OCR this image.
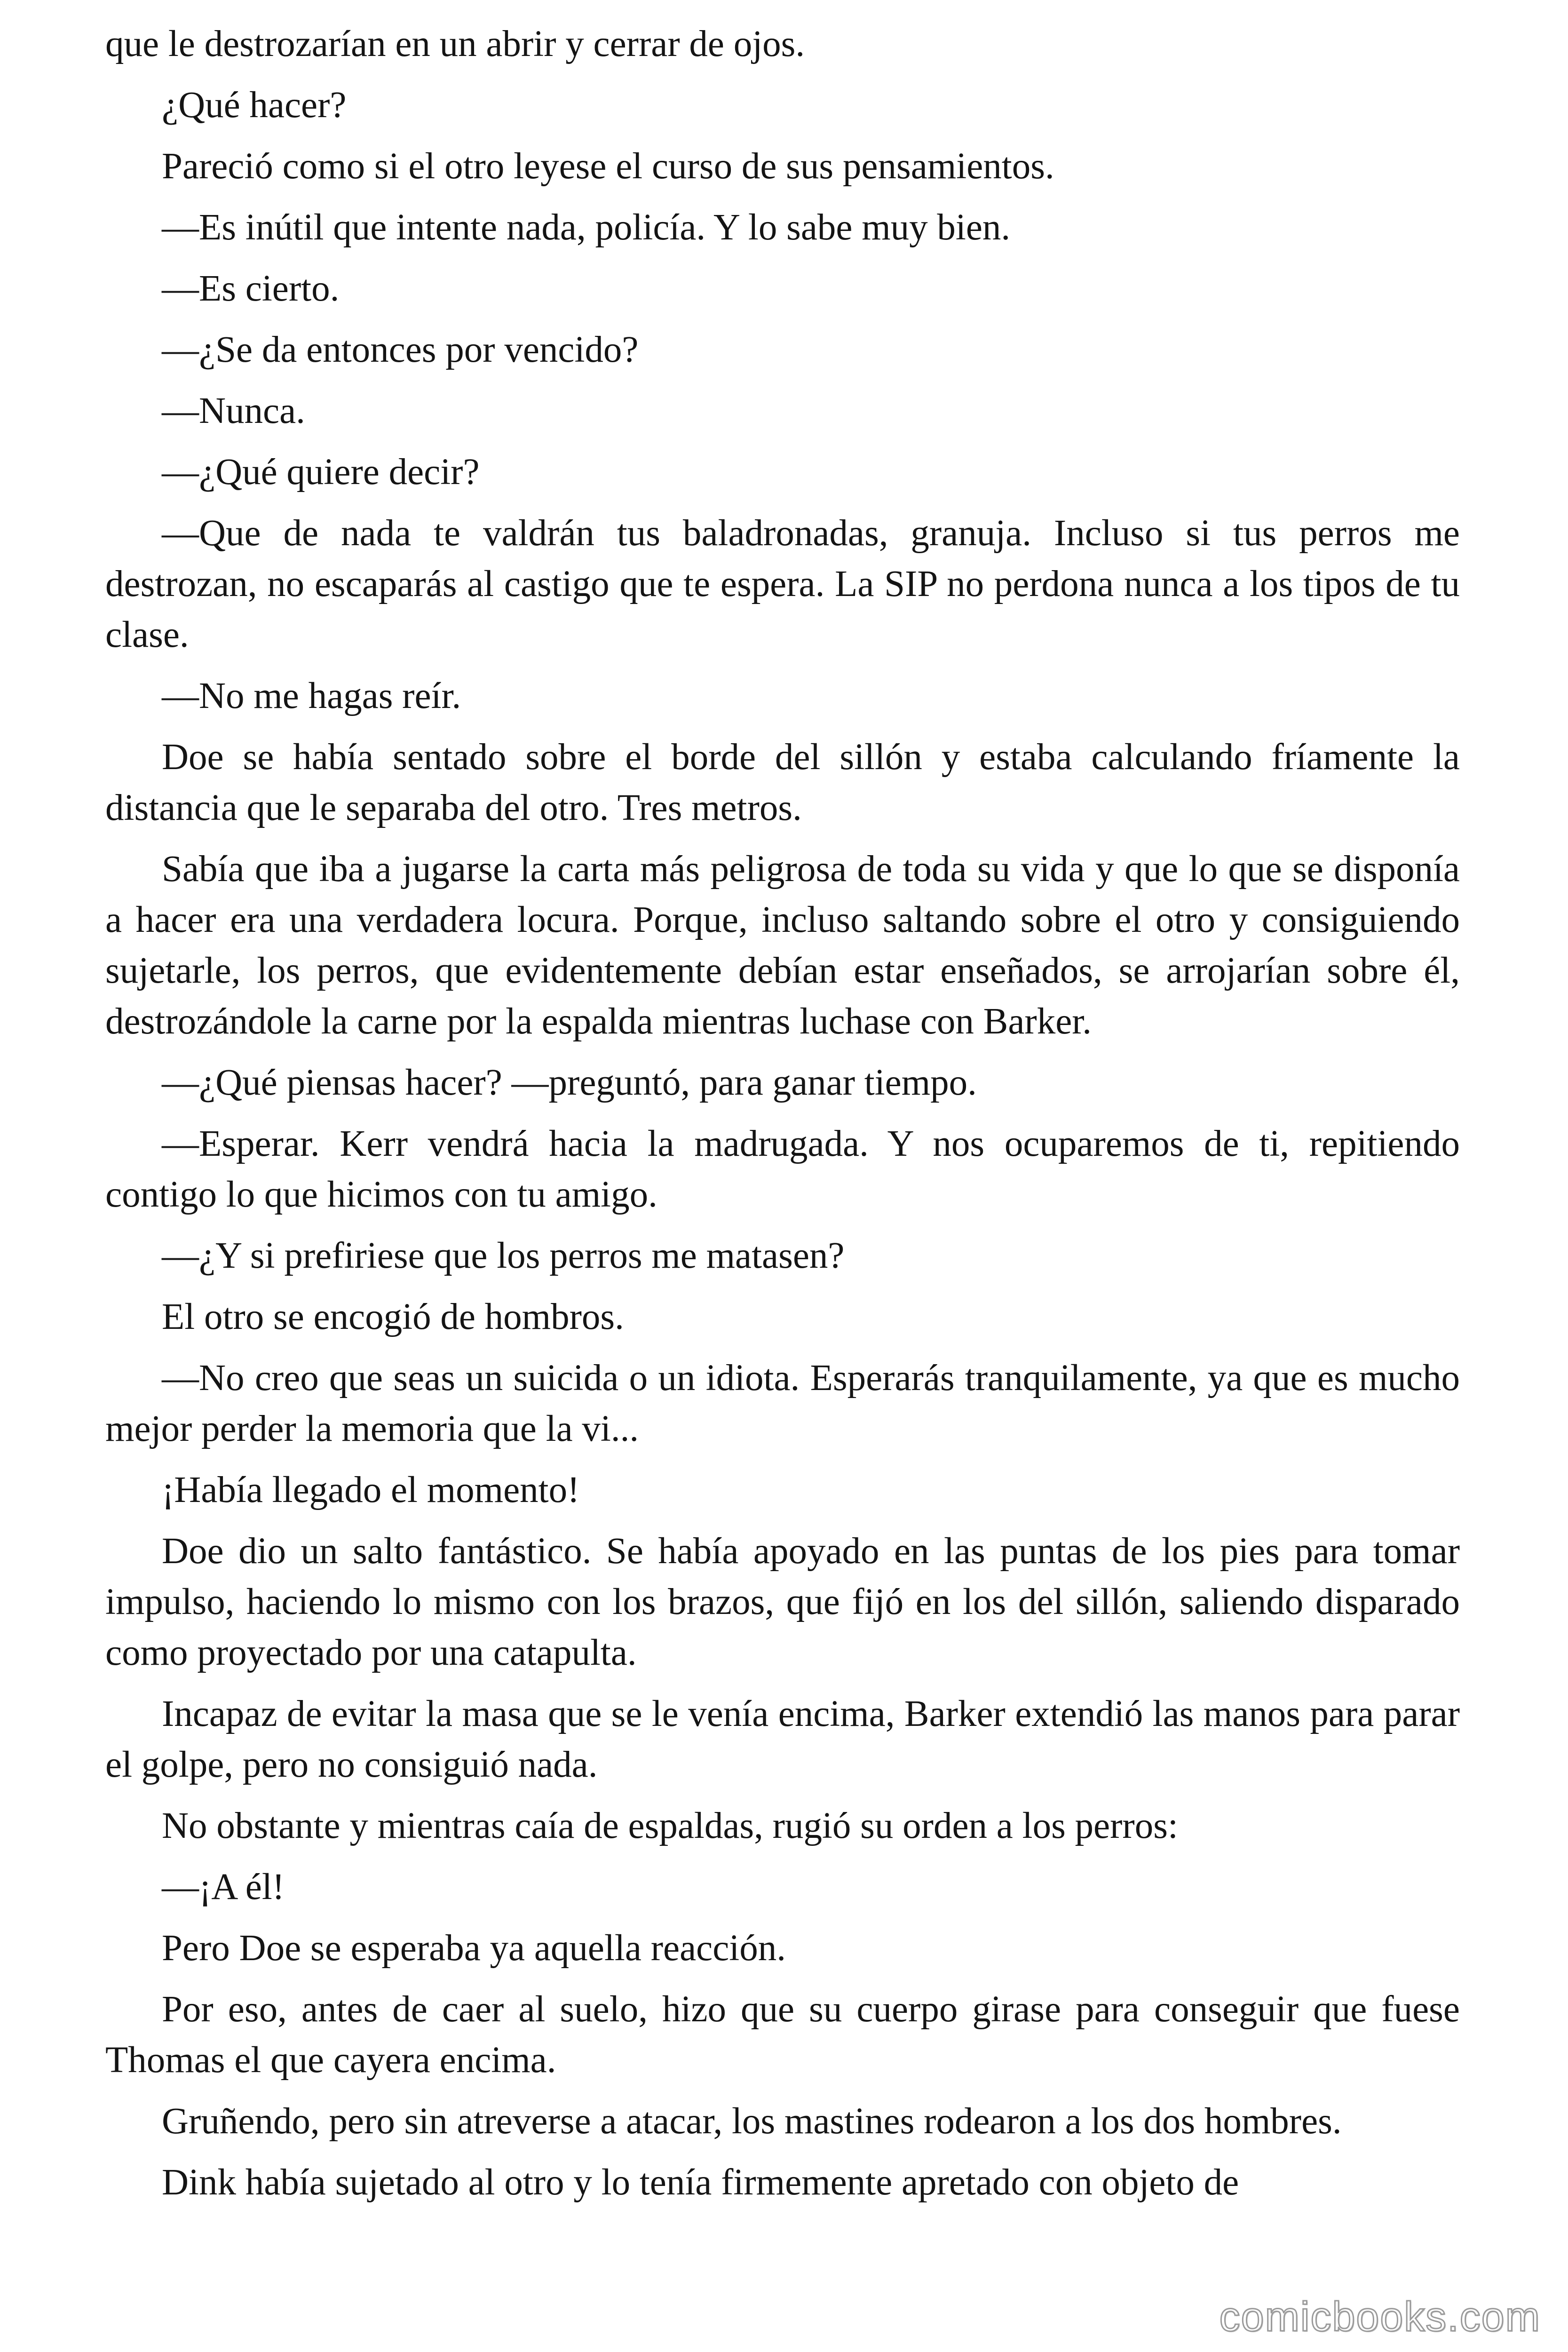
que le destrozarían en un abrir y cerrar de ojos.

¿Qué hacer?

Pareció como si el otro leyese el curso de sus pensamientos.

—Es inútil que intente nada, policía. Y lo sabe muy bien.

—Es cierto.

—¿Se da entonces por vencido?

—Nunca.

—¿Qué quiere decir?

—Que de nada te valdrán tus baladronadas, granuja. Incluso si tus perros me destrozan, no escaparás al castigo que te espera. La SIP no perdona nunca a los tipos de tu clase.

—No me hagas reír.

Doe se había sentado sobre el borde del sillón y estaba calculando fríamente la distancia que le separaba del otro. Tres metros.

Sabía que iba a jugarse la carta más peligrosa de toda su vida y que lo que se disponía a hacer era una verdadera locura. Porque, incluso saltando sobre el otro y consiguiendo sujetarle, los perros, que evidentemente debían estar enseñados, se arrojarían sobre él, destrozándole la carne por la espalda mientras luchase con Barker.

—¿Qué piensas hacer? —preguntó, para ganar tiempo.

—Esperar. Kerr vendrá hacia la madrugada. Y nos ocuparemos de ti, repitiendo contigo lo que hicimos con tu amigo.

—¿Y si prefiriese que los perros me matasen?

El otro se encogió de hombros.

—No creo que seas un suicida o un idiota. Esperarás tranquilamente, ya que es mucho mejor perder la memoria que la vi...

¡Había llegado el momento!

Doe dio un salto fantástico. Se había apoyado en las puntas de los pies para tomar impulso, haciendo lo mismo con los brazos, que fijó en los del sillón, saliendo disparado como proyectado por una catapulta.

Incapaz de evitar la masa que se le venía encima, Barker extendió las manos para parar el golpe, pero no consiguió nada.

No obstante y mientras caía de espaldas, rugió su orden a los perros:

—¡A él!

Pero Doe se esperaba ya aquella reacción.

Por eso, antes de caer al suelo, hizo que su cuerpo girase para conseguir que fuese Thomas el que cayera encima.

Gruñendo, pero sin atreverse a atacar, los mastines rodearon a los dos hombres.

Dink había sujetado al otro y lo tenía firmemente apretado con objeto de

comicbooks.com
